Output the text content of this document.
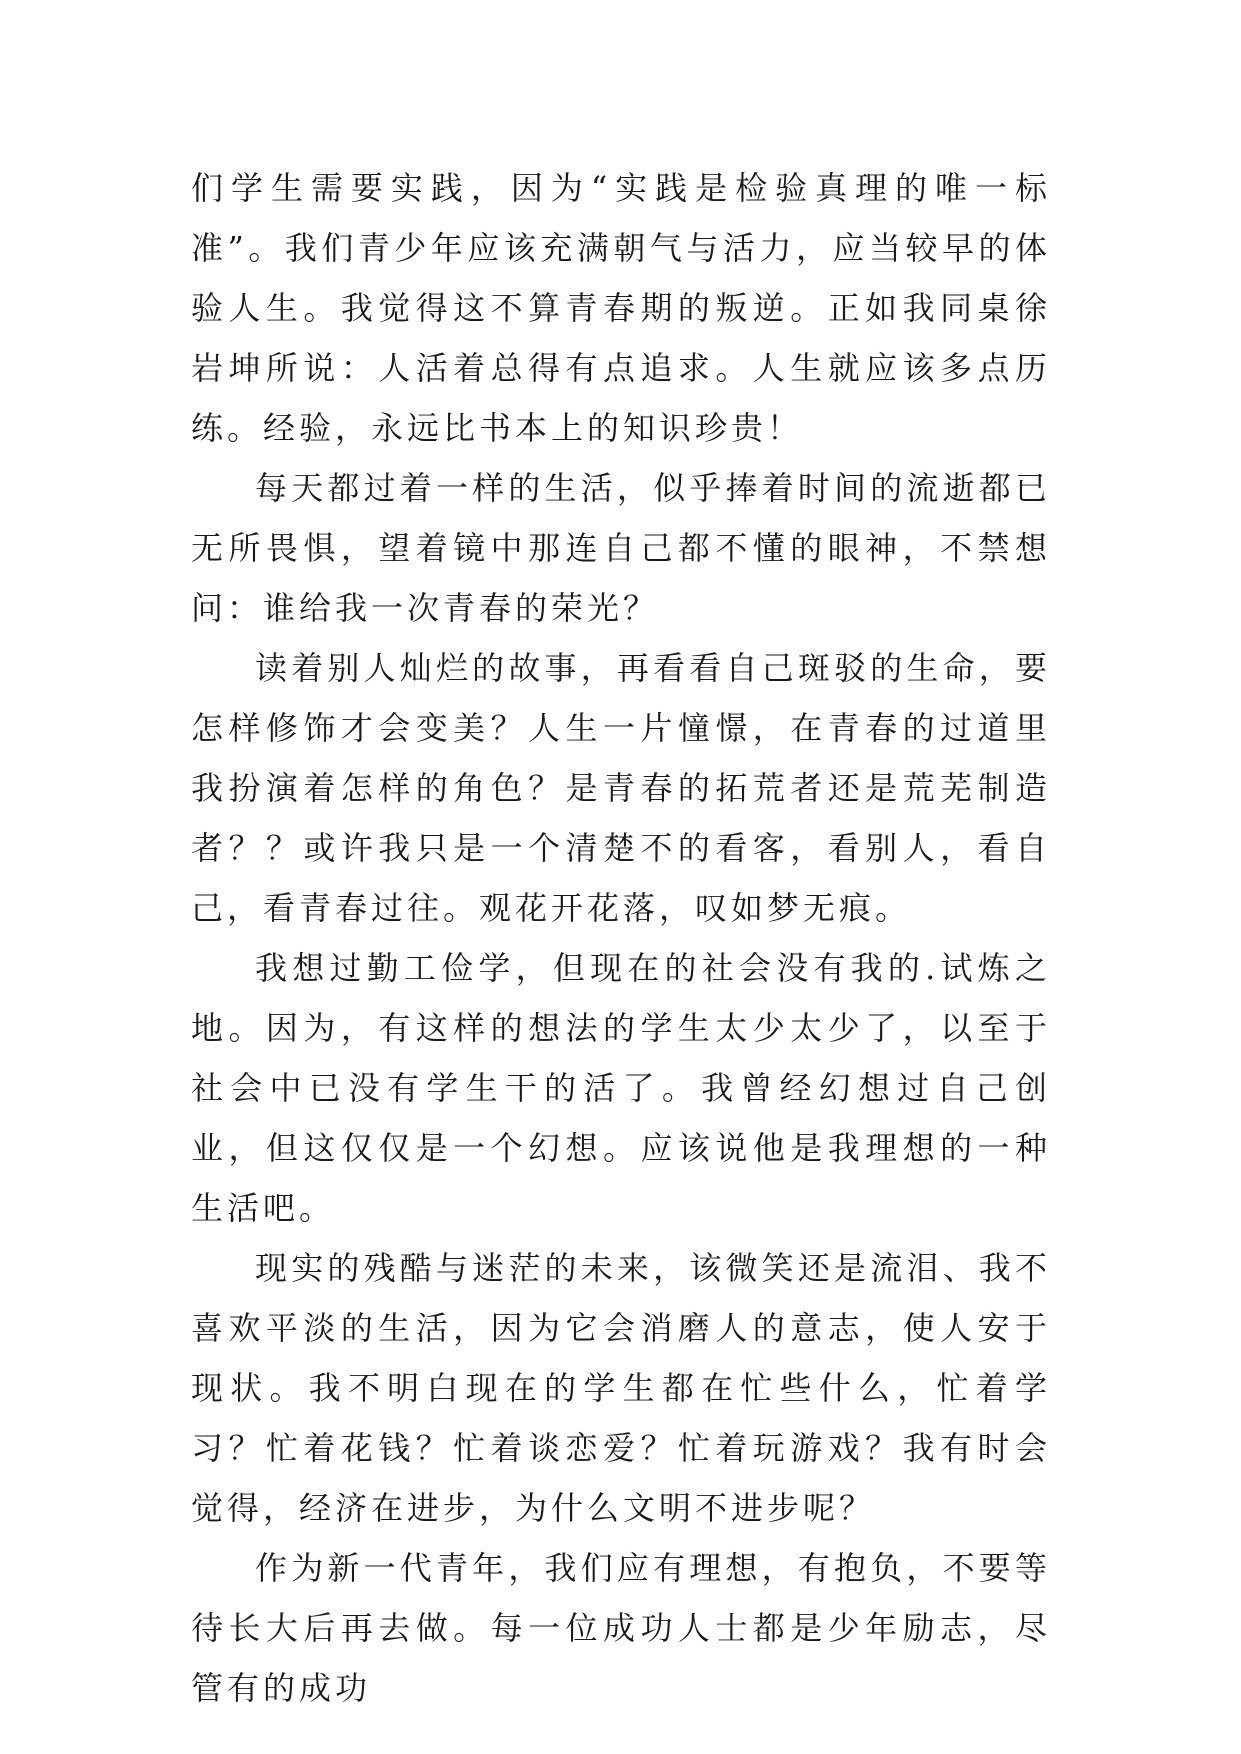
们学生需要实践，因为“实践是检验真理的唯一标准”。我们青少年应该充满朝气与活力，应当较早的体验人生。我觉得这不算青春期的叛逆。正如我同桌徐岩坤所说：人活着总得有点追求。人生就应该多点历练。经验，永远比书本上的知识珍贵！

每天都过着一样的生活，似乎捧着时间的流逝都已无所畏惧，望着镜中那连自己都不懂的眼神，不禁想问：谁给我一次青春的荣光？

读着别人灿烂的故事，再看看自己斑驳的生命，要怎样修饰才会变美？人生一片憧憬，在青春的过道里我扮演着怎样的角色？是青春的拓荒者还是荒芜制造者？？或许我只是一个清楚不的看客，看别人，看自己，看青春过往。观花开花落，叹如梦无痕。

我想过勤工俭学，但现在的社会没有我的.试炼之地。因为，有这样的想法的学生太少太少了，以至于社会中已没有学生干的活了。我曾经幻想过自己创业，但这仅仅是一个幻想。应该说他是我理想的一种生活吧。

现实的残酷与迷茫的未来，该微笑还是流泪、我不喜欢平淡的生活，因为它会消磨人的意志，使人安于现状。我不明白现在的学生都在忙些什么，忙着学习？忙着花钱？忙着谈恋爱？忙着玩游戏？我有时会觉得，经济在进步，为什么文明不进步呢？

作为新一代青年，我们应有理想，有抱负，不要等待长大后再去做。每一位成功人士都是少年励志，尽管有的成功
